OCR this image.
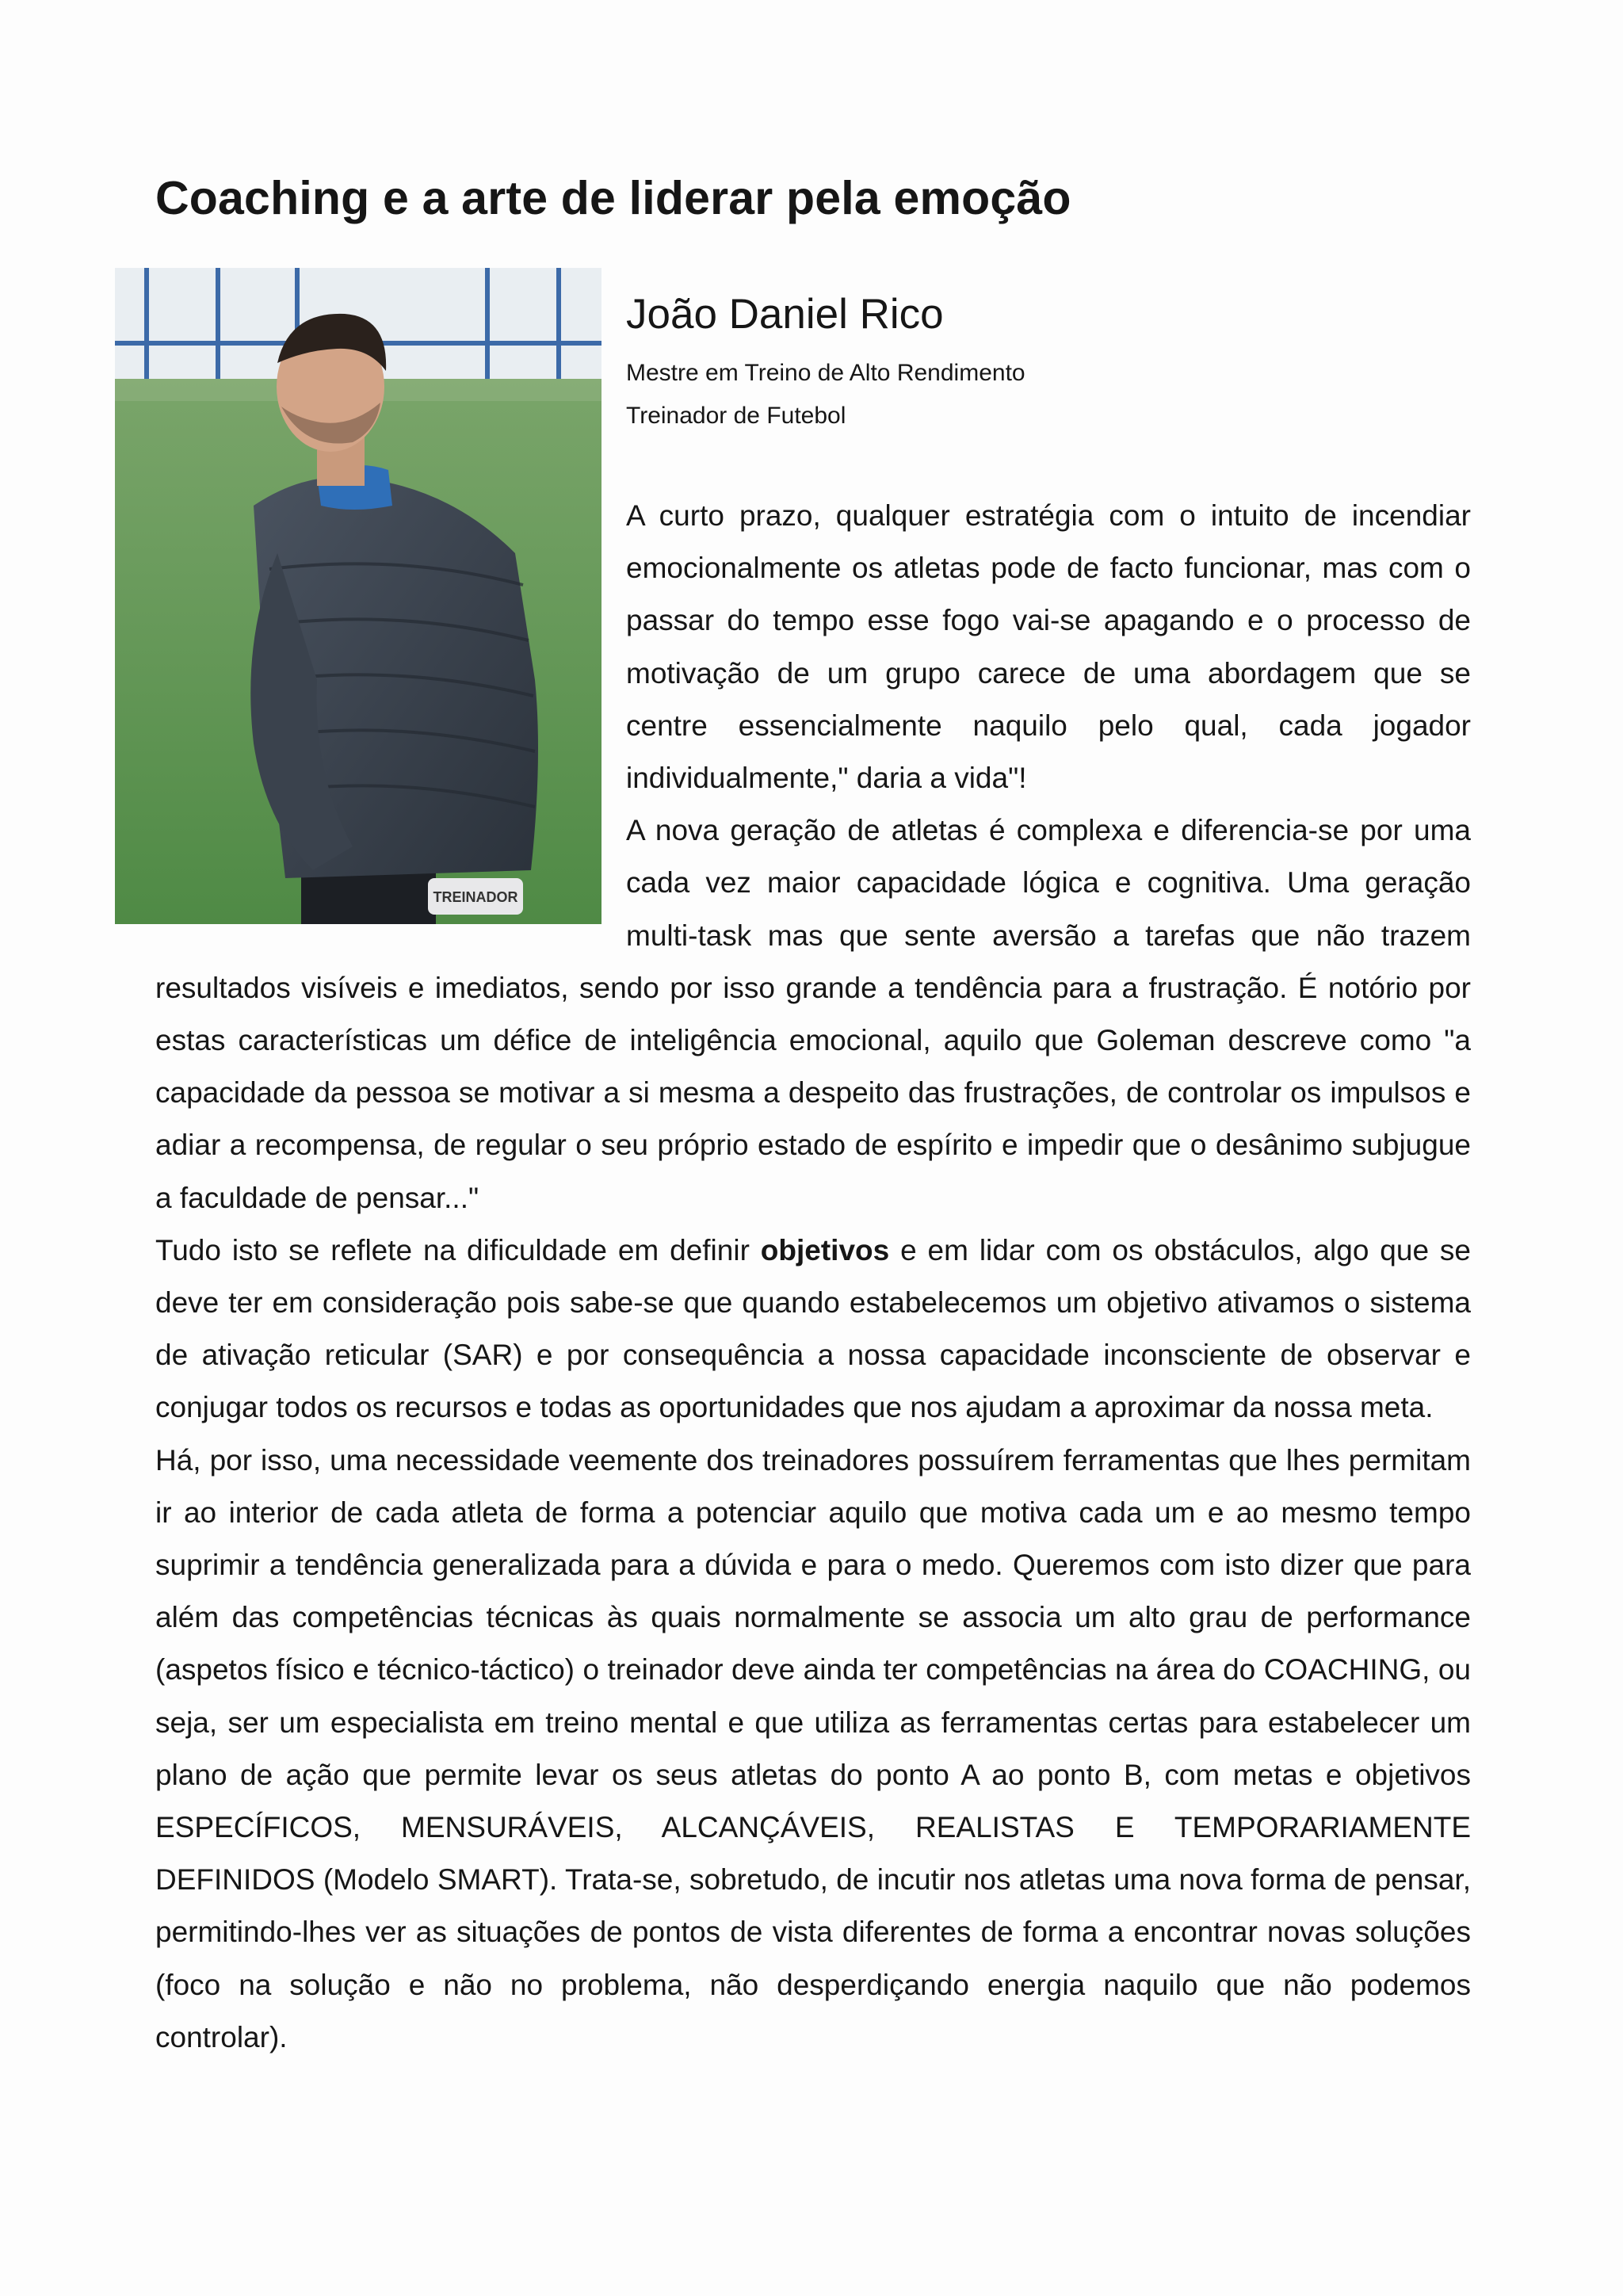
Coaching e a arte de liderar pela emoção
TREINADOR
João Daniel Rico

Mestre em Treino de Alto Rendimento

Treinador de Futebol

A curto prazo, qualquer estratégia com o intuito de incendiar emocionalmente os atletas pode de facto funcionar, mas com o passar do tempo esse fogo vai-se apagando e o processo de motivação de um grupo carece de uma abordagem que se centre essencialmente naquilo pelo qual, cada jogador individualmente," daria a vida"!

A nova geração de atletas é complexa e diferencia-se por uma cada vez maior capacidade lógica e cognitiva. Uma geração multi-task mas que sente aversão a tarefas que não trazem resultados visíveis e imediatos, sendo por isso grande a tendência para a frustração. É notório por estas características um défice de inteligência emocional, aquilo que Goleman descreve como "a capacidade da pessoa se motivar a si mesma a despeito das frustrações, de controlar os impulsos e adiar a recompensa, de regular o seu próprio estado de espírito e impedir que o desânimo subjugue a faculdade de pensar..."

Tudo isto se reflete na dificuldade em definir objetivos e em lidar com os obstáculos, algo que se deve ter em consideração pois sabe-se que quando estabelecemos um objetivo ativamos o sistema de ativação reticular (SAR) e por consequência a nossa capacidade inconsciente de observar e conjugar todos os recursos e todas as oportunidades que nos ajudam a aproximar da nossa meta.

Há, por isso, uma necessidade veemente dos treinadores possuírem ferramentas que lhes permitam ir ao interior de cada atleta de forma a potenciar aquilo que motiva cada um e ao mesmo tempo suprimir a tendência generalizada para a dúvida e para o medo. Queremos com isto dizer que para além das competências técnicas às quais normalmente se associa um alto grau de performance (aspetos físico e técnico-táctico) o treinador deve ainda ter competências na área do COACHING, ou seja, ser um especialista em treino mental e que utiliza as ferramentas certas para estabelecer um plano de ação que permite levar os seus atletas do ponto A ao ponto B, com metas e objetivos ESPECÍFICOS, MENSURÁVEIS, ALCANÇÁVEIS, REALISTAS E TEMPORARIAMENTE DEFINIDOS (Modelo SMART). Trata-se, sobretudo, de incutir nos atletas uma nova forma de pensar, permitindo-lhes ver as situações de pontos de vista diferentes de forma a encontrar novas soluções (foco na solução e não no problema, não desperdiçando energia naquilo que não podemos controlar).
